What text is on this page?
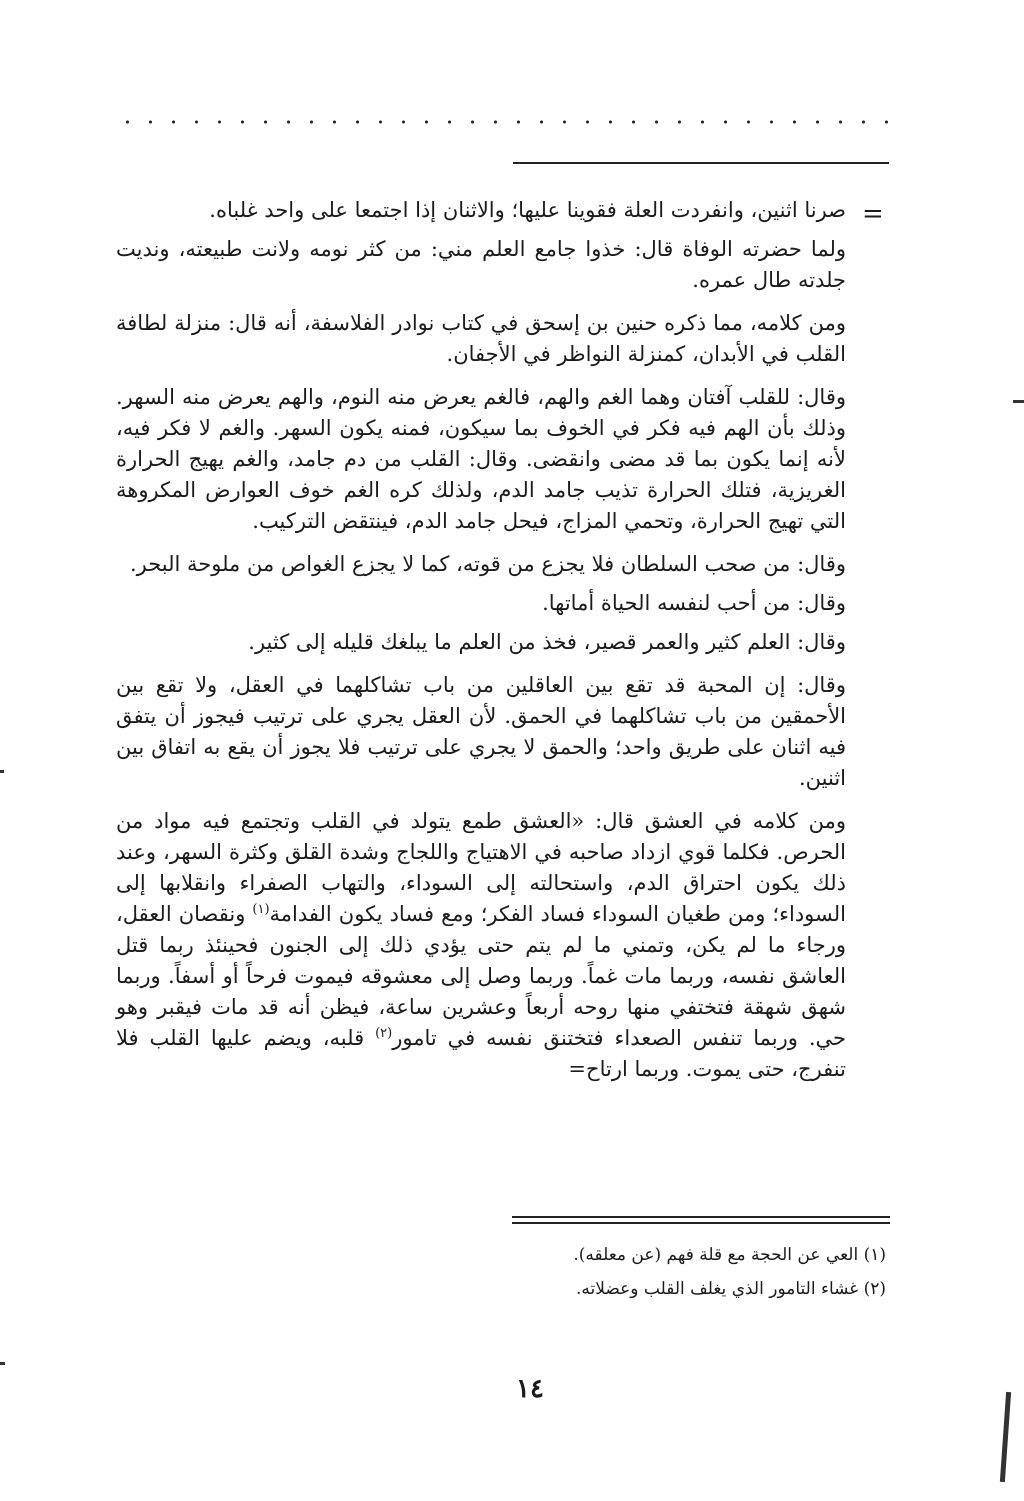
=

صرنا اثنين، وانفردت العلة فقوينا عليها؛ والاثنان إذا اجتمعا على واحد غلباه.

ولما حضرته الوفاة قال: خذوا جامع العلم مني: من كثر نومه ولانت طبيعته، ونديت جلدته طال عمره.

ومن كلامه، مما ذكره حنين بن إسحق في كتاب نوادر الفلاسفة، أنه قال: منزلة لطافة القلب في الأبدان، كمنزلة النواظر في الأجفان.

وقال: للقلب آفتان وهما الغم والهم، فالغم يعرض منه النوم، والهم يعرض منه السهر. وذلك بأن الهم فيه فكر في الخوف بما سيكون، فمنه يكون السهر. والغم لا فكر فيه، لأنه إنما يكون بما قد مضى وانقضى. وقال: القلب من دم جامد، والغم يهيج الحرارة الغريزية، فتلك الحرارة تذيب جامد الدم، ولذلك كره الغم خوف العوارض المكروهة التي تهيج الحرارة، وتحمي المزاج، فيحل جامد الدم، فينتقض التركيب.

وقال: من صحب السلطان فلا يجزع من قوته، كما لا يجزع الغواص من ملوحة البحر.

وقال: من أحب لنفسه الحياة أماتها.

وقال: العلم كثير والعمر قصير، فخذ من العلم ما يبلغك قليله إلى كثير.

وقال: إن المحبة قد تقع بين العاقلين من باب تشاكلهما في العقل، ولا تقع بين الأحمقين من باب تشاكلهما في الحمق. لأن العقل يجري على ترتيب فيجوز أن يتفق فيه اثنان على طريق واحد؛ والحمق لا يجري على ترتيب فلا يجوز أن يقع به اتفاق بين اثنين.

ومن كلامه في العشق قال: «العشق طمع يتولد في القلب وتجتمع فيه مواد من الحرص. فكلما قوي ازداد صاحبه في الاهتياج واللجاج وشدة القلق وكثرة السهر، وعند ذلك يكون احتراق الدم، واستحالته إلى السوداء، والتهاب الصفراء وانقلابها إلى السوداء؛ ومن طغيان السوداء فساد الفكر؛ ومع فساد يكون الفدامة$^{(١)}$ ونقصان العقل، ورجاء ما لم يكن، وتمني ما لم يتم حتى يؤدي ذلك إلى الجنون فحينئذ ربما قتل العاشق نفسه، وربما مات غماً. وربما وصل إلى معشوقه فيموت فرحاً أو أسفاً. وربما شهق شهقة فتختفي منها روحه أربعاً وعشرين ساعة، فيظن أنه قد مات فيقبر وهو حي. وربما تنفس الصعداء فتختنق نفسه في تامور$^{(٢)}$ قلبه، ويضم عليها القلب فلا تنفرج، حتى يموت. وربما ارتاح=

(١) العي عن الحجة مع قلة فهم (عن معلقه).
(٢) غشاء التامور الذي يغلف القلب وعضلاته.
١٤
